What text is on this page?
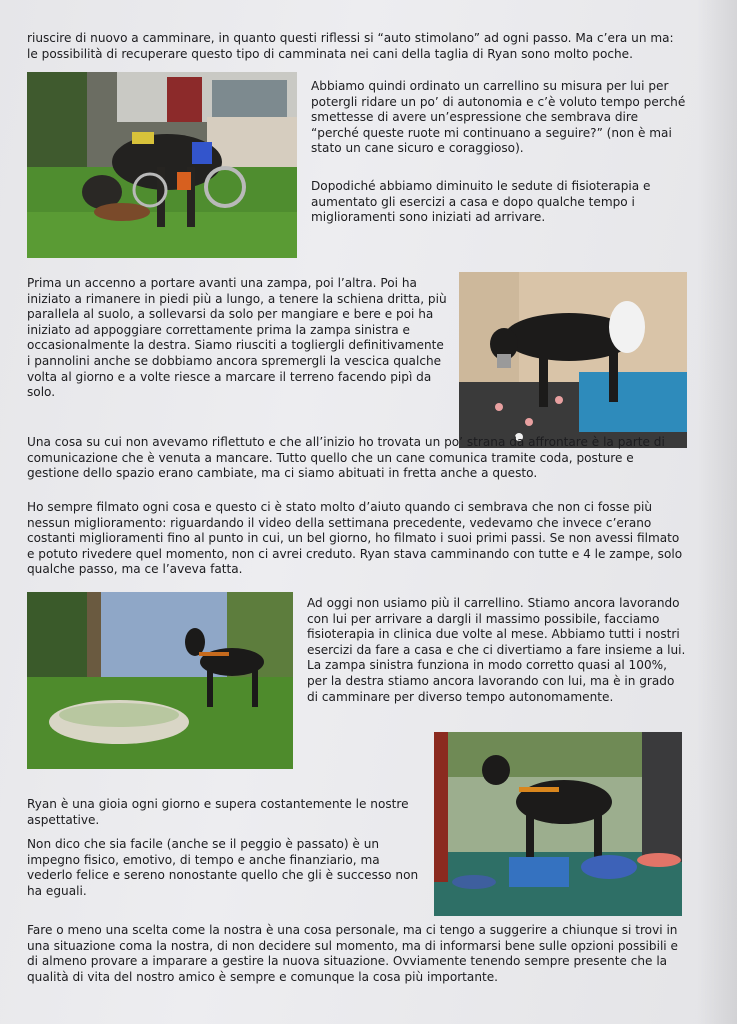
riuscire di nuovo a camminare, in quanto questi riflessi si “auto stimolano” ad ogni passo. Ma c’era un ma: le possibilità di recuperare questo tipo di camminata nei cani della taglia di Ryan sono molto poche.

Abbiamo quindi ordinato un carrellino su misura per lui per potergli ridare un po’ di autonomia e c’è voluto tempo perché smettesse di avere un’espressione che sembrava dire “perché queste ruote mi continuano a seguire?” (non è mai stato un cane sicuro e coraggioso).

Dopodiché abbiamo diminuito le sedute di fisioterapia e aumentato gli esercizi a casa e dopo qualche tempo i miglioramenti sono iniziati ad arrivare.

Prima un accenno a portare avanti una zampa, poi l’altra. Poi ha iniziato a rimanere in piedi più a lungo, a tenere la schiena dritta, più parallela al suolo, a sollevarsi da solo per mangiare e bere e poi ha iniziato ad appoggiare correttamente prima la zampa sinistra e occasionalmente la destra. Siamo riusciti a togliergli definitivamente i pannolini anche se dobbiamo ancora spremergli la vescica qualche volta al giorno e a volte riesce a marcare il terreno facendo pipì da solo.

Una cosa su cui non avevamo riflettuto e che all’inizio ho trovata un po’ strana da affrontare è la parte di comunicazione che è venuta a mancare. Tutto quello che un cane comunica tramite coda, posture e gestione dello spazio erano cambiate, ma ci siamo abituati in fretta anche a questo.

Ho sempre filmato ogni cosa e questo ci è stato molto d’aiuto quando ci sembrava che non ci fosse più nessun miglioramento: riguardando il video della settimana precedente, vedevamo che invece c’erano costanti miglioramenti fino al punto in cui, un bel giorno, ho filmato i suoi primi passi. Se non avessi filmato e potuto rivedere quel momento, non ci avrei creduto. Ryan stava camminando con tutte e 4 le zampe, solo qualche passo, ma ce l’aveva fatta.

Ad oggi non usiamo più il carrellino. Stiamo ancora lavorando con lui per arrivare a dargli il massimo possibile, facciamo fisioterapia in clinica due volte al mese. Abbiamo tutti i nostri esercizi da fare a casa e che ci divertiamo a fare insieme a lui. La zampa sinistra funziona in modo corretto quasi al 100%, per la destra stiamo ancora lavorando con lui, ma è in grado di camminare per diverso tempo autonomamente.

Ryan è una gioia ogni giorno e supera costantemente le nostre aspettative.

Non dico che sia facile (anche se il peggio è passato) è un impegno fisico, emotivo, di tempo e anche finanziario, ma vederlo felice e sereno nonostante quello che gli è successo non ha eguali.

Fare o meno una scelta come la nostra è una cosa personale, ma ci tengo a suggerire a chiunque si trovi in una situazione coma la nostra, di non decidere sul momento, ma di informarsi bene sulle opzioni possibili e di almeno provare a imparare a gestire la nuova situazione. Ovviamente tenendo sempre presente che la qualità di vita del nostro amico è sempre e comunque la cosa più importante.
